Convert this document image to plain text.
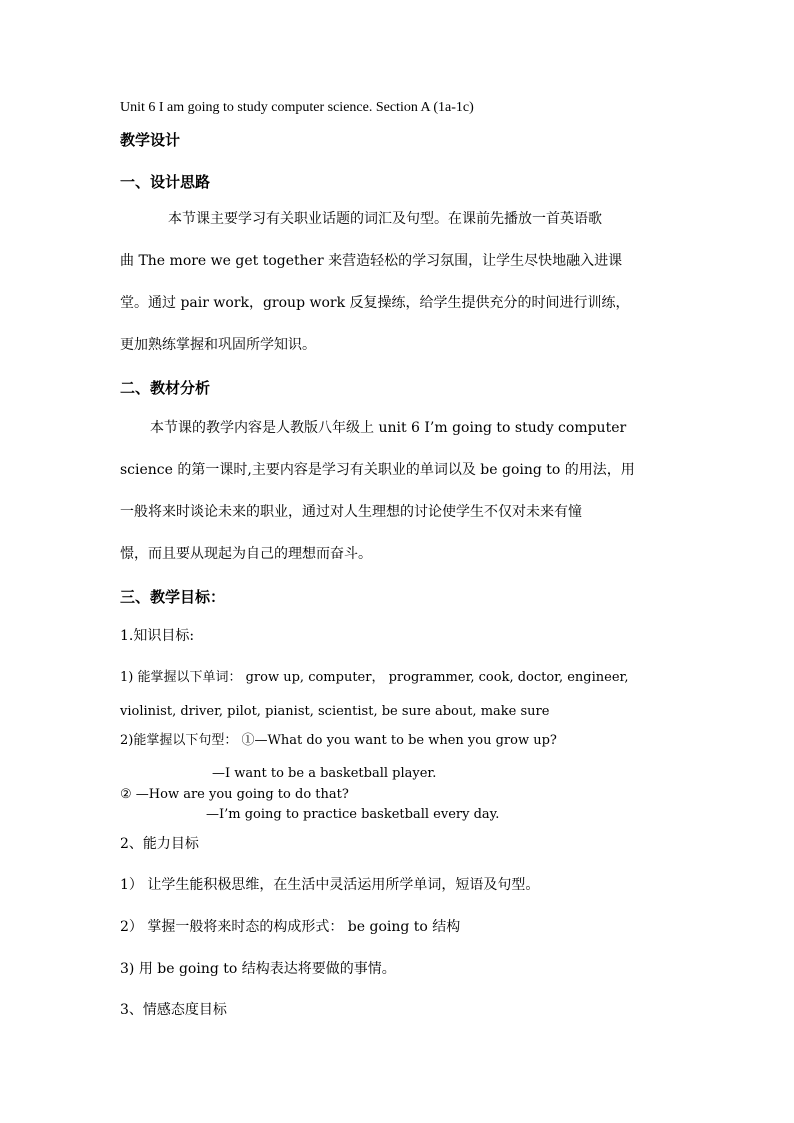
Unit 6 I am going to study computer science. Section A (1a-1c)
教学设计
一、设计思路
本节课主要学习有关职业话题的词汇及句型。在课前先播放一首英语歌
曲 The more we get together 来营造轻松的学习氛围，让学生尽快地融入进课
堂。通过 pair work，group work 反复操练，给学生提供充分的时间进行训练，
更加熟练掌握和巩固所学知识。
二、教材分析
本节课的教学内容是人教版八年级上 unit 6 I’m going to study computer
science 的第一课时,主要内容是学习有关职业的单词以及 be going to 的用法，用
一般将来时谈论未来的职业，通过对人生理想的讨论使学生不仅对未来有憧
憬，而且要从现起为自己的理想而奋斗。
三、教学目标：
1.知识目标:
1) 能掌握以下单词： grow up, computer， programmer, cook, doctor, engineer,
violinist, driver, pilot, pianist, scientist, be sure about, make sure
2)能掌握以下句型： ①—What do you want to be when you grow up?
—I want to be a basketball player.
② —How are you going to do that?
—I’m going to practice basketball every day.
2、能力目标
1） 让学生能积极思维，在生活中灵活运用所学单词，短语及句型。
2） 掌握一般将来时态的构成形式： be going to 结构
3) 用 be going to 结构表达将要做的事情。
3、情感态度目标
